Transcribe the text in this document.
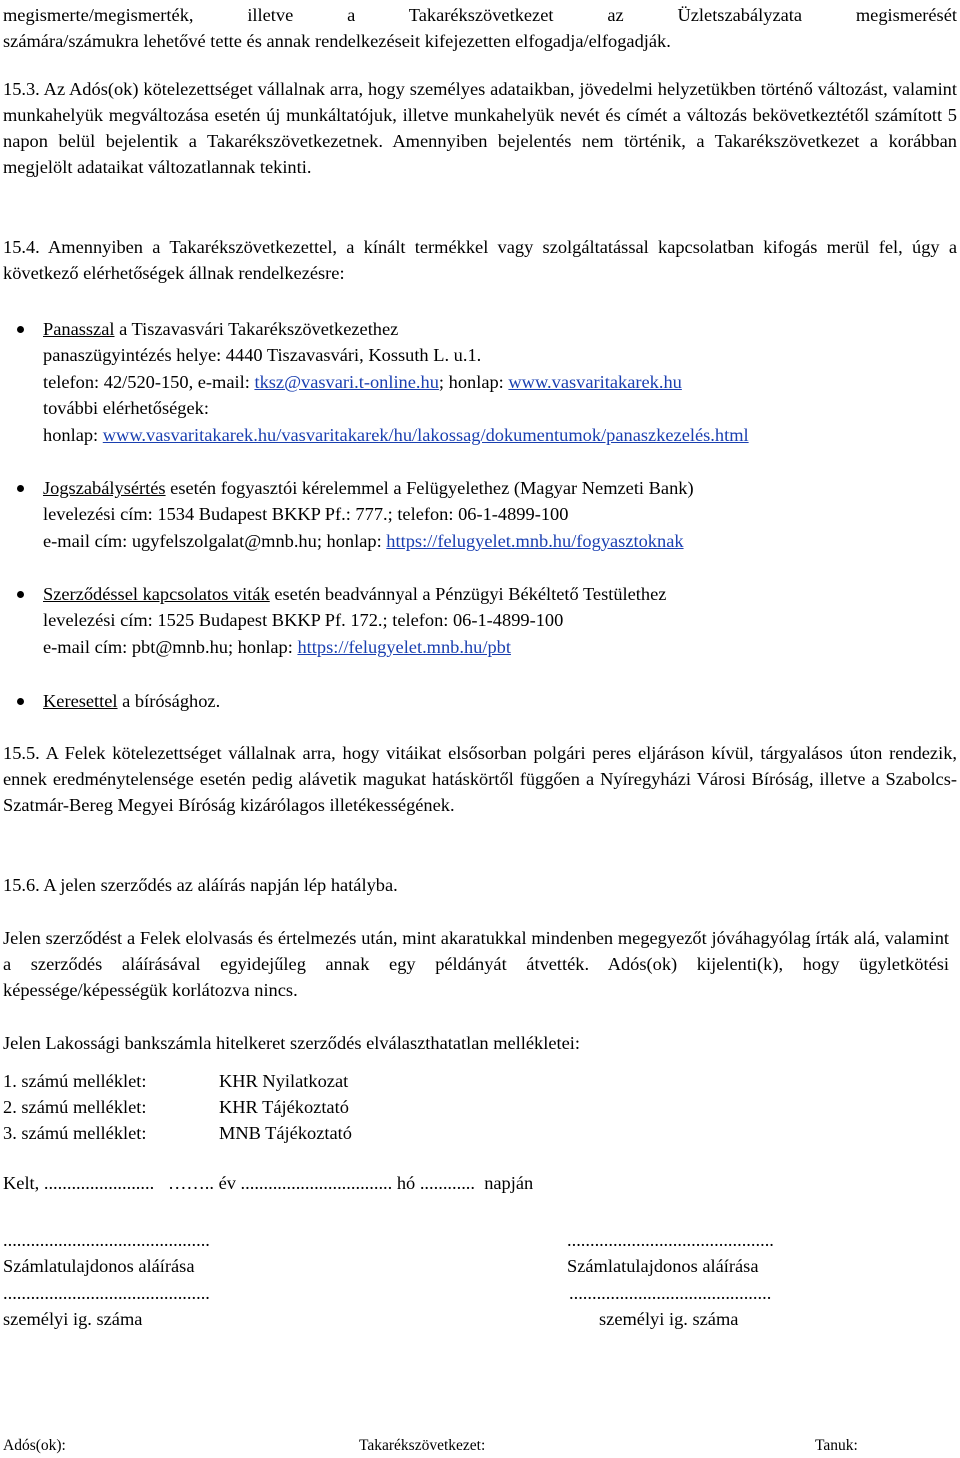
megismerte/megismerték, illetve a Takarékszövetkezet az Üzletszabályzata megismerését

számára/számukra lehetővé tette és annak rendelkezéseit kifejezetten elfogadja/elfogadják.

15.3. Az Adós(ok) kötelezettséget vállalnak arra, hogy személyes adataikban, jövedelmi helyzetükben történő változást, valamint munkahelyük megváltozása esetén új munkáltatójuk, illetve munkahelyük nevét és címét a változás bekövetkeztétől számított 5 napon belül bejelentik a Takarékszövetkezetnek. Amennyiben bejelentés nem történik, a Takarékszövetkezet a korábban megjelölt adataikat változatlannak tekinti.

15.4. Amennyiben a Takarékszövetkezettel, a kínált termékkel vagy szolgáltatással kapcsolatban kifogás merül fel, úgy a következő elérhetőségek állnak rendelkezésre:

Panasszal a Tiszavasvári Takarékszövetkezethez
panaszügyintézés helye: 4440 Tiszavasvári, Kossuth L. u.1.
telefon: 42/520-150, e-mail: tksz@vasvari.t-online.hu; honlap: www.vasvaritakarek.hu
további elérhetőségek:
honlap: www.vasvaritakarek.hu/vasvaritakarek/hu/lakossag/dokumentumok/panaszkezelés.html
Jogszabálysértés esetén fogyasztói kérelemmel a Felügyelethez (Magyar Nemzeti Bank)
levelezési cím: 1534 Budapest BKKP Pf.: 777.; telefon: 06-1-4899-100
e-mail cím: ugyfelszolgalat@mnb.hu; honlap: https://felugyelet.mnb.hu/fogyasztoknak
Szerződéssel kapcsolatos viták esetén beadvánnyal a Pénzügyi Békéltető Testülethez
levelezési cím: 1525 Budapest BKKP Pf. 172.; telefon: 06-1-4899-100
e-mail cím: pbt@mnb.hu; honlap: https://felugyelet.mnb.hu/pbt
Keresettel a bírósághoz.

15.5. A Felek kötelezettséget vállalnak arra, hogy vitáikat elsősorban polgári peres eljáráson kívül, tárgyalásos úton rendezik, ennek eredménytelensége esetén pedig alávetik magukat hatáskörtől függően a Nyíregyházi Városi Bíróság, illetve a Szabolcs-Szatmár-Bereg Megyei Bíróság kizárólagos illetékességének.

15.6. A jelen szerződés az aláírás napján lép hatályba.

Jelen szerződést a Felek elolvasás és értelmezés után, mint akaratukkal mindenben megegyezőt jóváhagyólag írták alá, valamint a szerződés aláírásával egyidejűleg annak egy példányát átvették. Adós(ok) kijelenti(k), hogy ügyletkötési képessége/képességük korlátozva nincs.

Jelen Lakossági bankszámla hitelkeret szerződés elválaszthatatlan mellékletei:

1. számú melléklet:	KHR Nyilatkozat
2. számú melléklet:	KHR Tájékoztató
3. számú melléklet:	MNB Tájékoztató
Kelt, ........................   …….. év ................................. hó ............  napján
.............................................
Számlatulajdonos aláírása
.............................................
Számlatulajdonos aláírása
.............................................
személyi ig. száma
............................................
személyi ig. száma
Adós(ok):	Takarékszövetkezet:	Tanuk:
